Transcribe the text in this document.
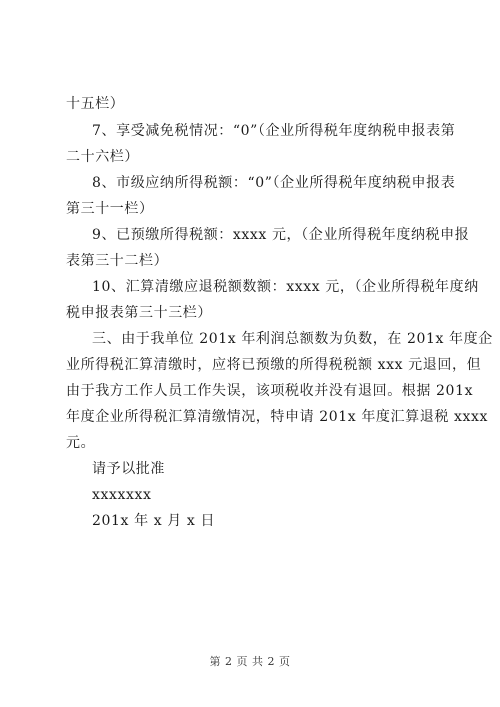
十五栏）
7、享受减免税情况：“0”（企业所得税年度纳税申报表第
二十六栏）
8、市级应纳所得税额：“0”（企业所得税年度纳税申报表
第三十一栏）
9、已预缴所得税额：xxxx 元，（企业所得税年度纳税申报
表第三十二栏）
10、汇算清缴应退税额数额：xxxx 元，（企业所得税年度纳
税申报表第三十三栏）
三、由于我单位 201x 年利润总额数为负数，在 201x 年度企
业所得税汇算清缴时，应将已预缴的所得税税额 xxx 元退回，但
由于我方工作人员工作失误，该项税收并没有退回。根据 201x
年度企业所得税汇算清缴情况，特申请 201x 年度汇算退税 xxxx
元。
请予以批准
xxxxxxx
201x 年 x 月 x 日
第 2 页 共 2 页
